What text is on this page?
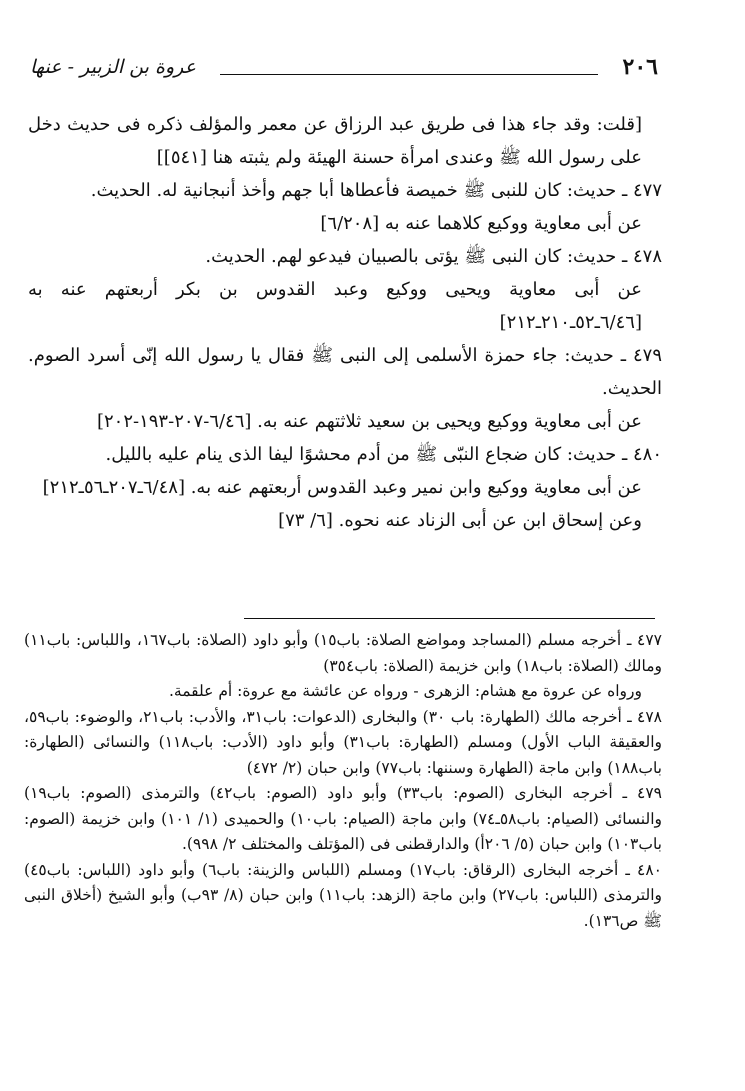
عروة بن الزبير - عنها	٢٠٦

[قلت: وقد جاء هذا فى طريق عبد الرزاق عن معمر والمؤلف ذكره فى حديث دخل على رسول الله ﷺ وعندى امرأة حسنة الهيئة ولم يثبته هنا [٥٤١]]

٤٧٧ ـ حديث: كان للنبى ﷺ خميصة فأعطاها أبا جهم وأخذ أنبجانية له. الحديث.

عن أبى معاوية ووكيع كلاهما عنه به [٦/٢٠٨]

٤٧٨ ـ حديث: كان النبى ﷺ يؤتى بالصبيان فيدعو لهم. الحديث.

عن أبى معاوية ويحيى ووكيع وعبد القدوس بن بكر أربعتهم عنه به [٦/٤٦ـ٥٢ـ٢١٠ـ٢١٢]

٤٧٩ ـ حديث: جاء حمزة الأسلمى إلى النبى ﷺ فقال يا رسول الله إنّى أسرد الصوم. الحديث.

عن أبى معاوية ووكيع ويحيى بن سعيد ثلاثتهم عنه به. [٦/٤٦-٢٠٧-١٩٣-٢٠٢]

٤٨٠ ـ حديث: كان ضجاع النبّى ﷺ من أدم محشوًا ليفا الذى ينام عليه بالليل.

عن أبى معاوية ووكيع وابن نمير وعبد القدوس أربعتهم عنه به. [٦/٤٨ـ٢٠٧ـ٥٦ـ٢١٢]

وعن إسحاق ابن عن أبى الزناد عنه نحوه. [٦/ ٧٣]

٤٧٧ ـ أخرجه مسلم (المساجد ومواضع الصلاة: باب١٥) وأبو داود (الصلاة: باب١٦٧، واللباس: باب١١) ومالك (الصلاة: باب١٨) وابن خزيمة (الصلاة: باب٣٥٤)

ورواه عن عروة مع هشام: الزهرى - ورواه عن عائشة مع عروة: أم علقمة.

٤٧٨ ـ أخرجه مالك (الطهارة: باب ٣٠) والبخارى (الدعوات: باب٣١، والأدب: باب٢١، والوضوء: باب٥٩، والعقيقة الباب الأول) ومسلم (الطهارة: باب٣١) وأبو داود (الأدب: باب١١٨) والنسائى (الطهارة: باب١٨٨) وابن ماجة (الطهارة وسننها: باب٧٧) وابن حبان (٢/ ٤٧٢)

٤٧٩ ـ أخرجه البخارى (الصوم: باب٣٣) وأبو داود (الصوم: باب٤٢) والترمذى (الصوم: باب١٩) والنسائى (الصيام: باب٥٨ـ٧٤) وابن ماجة (الصيام: باب١٠) والحميدى (١/ ١٠١) وابن خزيمة (الصوم: باب١٠٣) وابن حبان (٥/ ٢٠٦أ) والدارقطنى فى (المؤتلف والمختلف ٢/ ٩٩٨).

٤٨٠ ـ أخرجه البخارى (الرقاق: باب١٧) ومسلم (اللباس والزينة: باب٦) وأبو داود (اللباس: باب٤٥) والترمذى (اللباس: باب٢٧) وابن ماجة (الزهد: باب١١) وابن حبان (٨/ ٩٣ب) وأبو الشيخ (أخلاق النبى ﷺ ص١٣٦).
